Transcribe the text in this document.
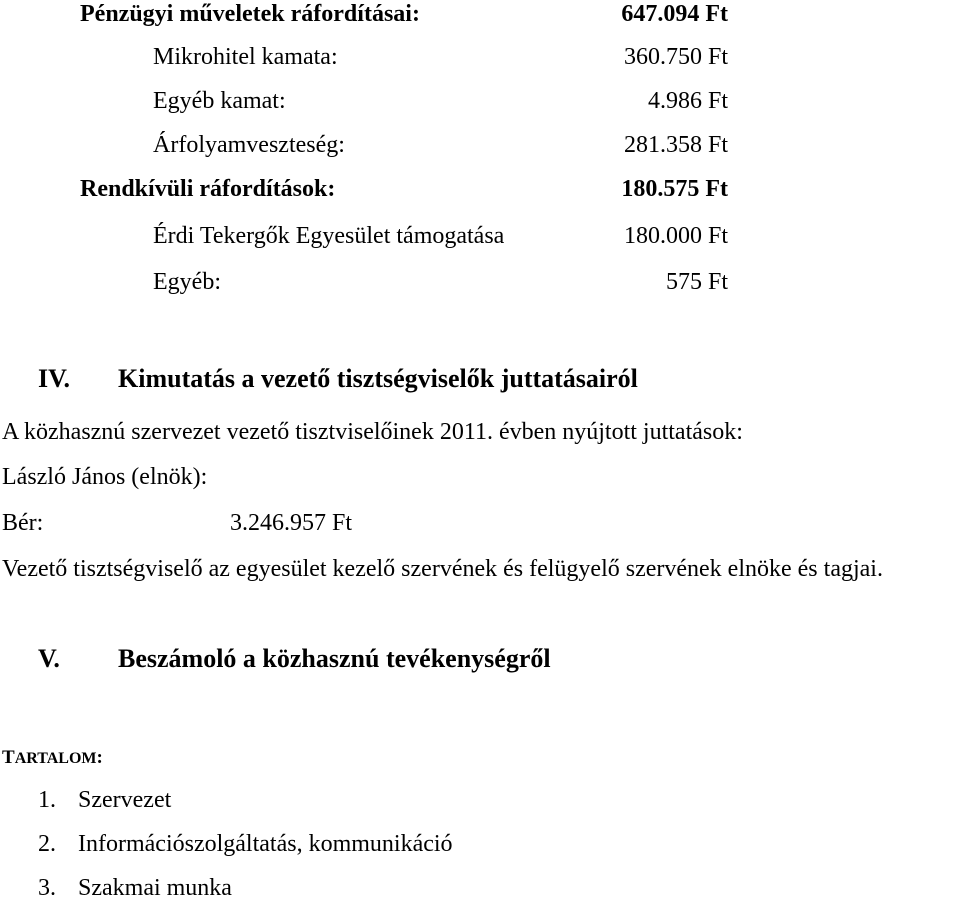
Pénzügyi műveletek ráfordításai:	647.094 Ft
Mikrohitel kamata:	360.750 Ft
Egyéb kamat:	4.986 Ft
Árfolyamveszteség:	281.358 Ft
Rendkívüli ráfordítások:	180.575 Ft
Érdi Tekergők Egyesület támogatása	180.000 Ft
Egyéb:	575 Ft
IV. Kimutatás a vezető tisztségviselők juttatásairól
A közhasznú szervezet vezető tisztviselőinek 2011. évben nyújtott juttatások:
László János (elnök):
Bér:	3.246.957 Ft
Vezető tisztségviselő az egyesület kezelő szervének és felügyelő szervének elnöke és tagjai.
V. Beszámoló a közhasznú tevékenységről
TARTALOM:
1. Szervezet
2. Információszolgáltatás, kommunikáció
3. Szakmai munka
